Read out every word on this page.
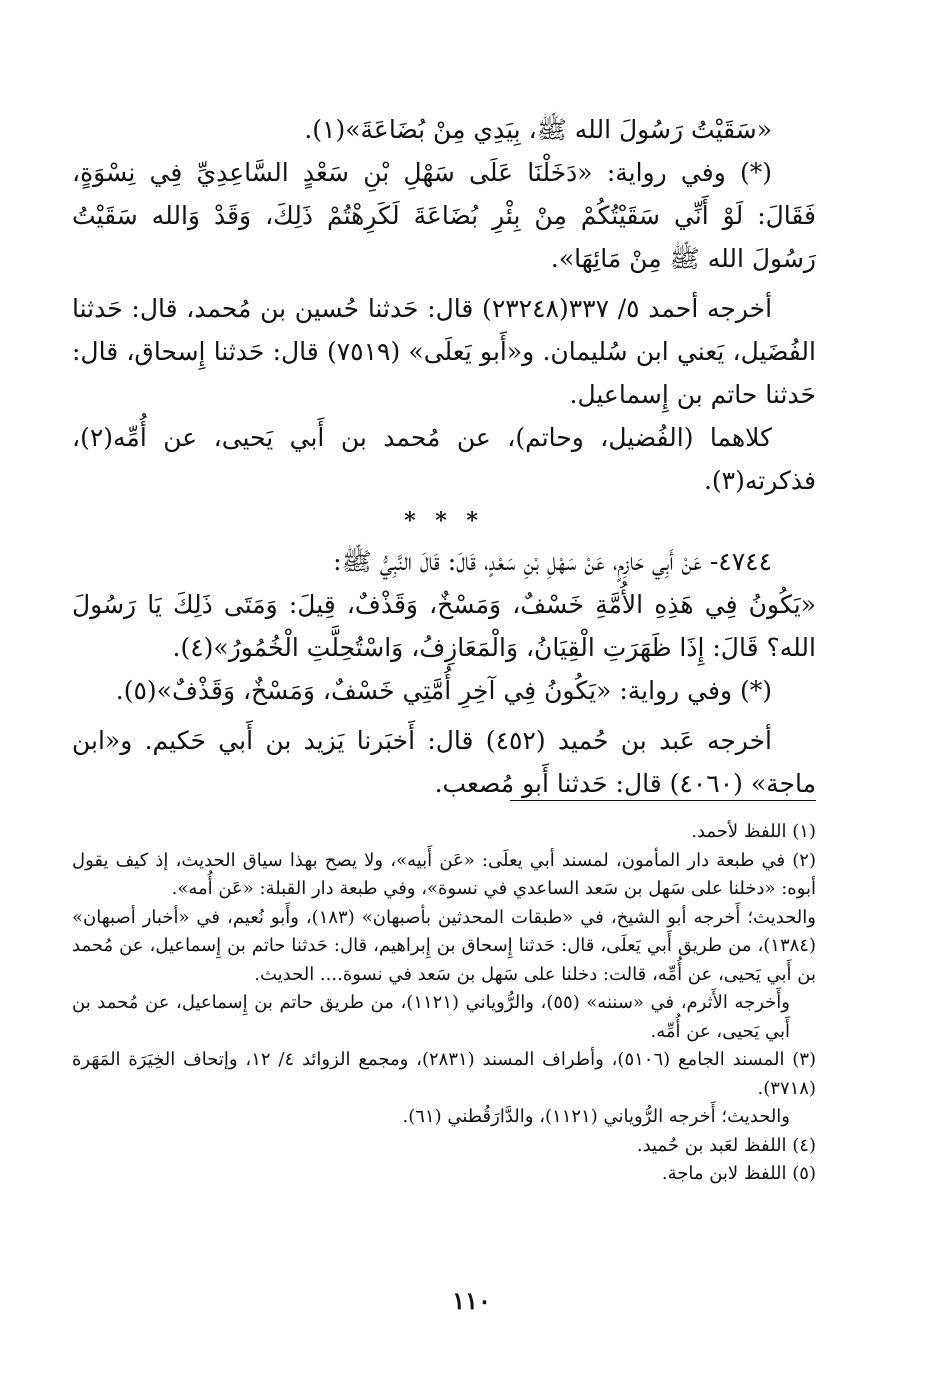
«سَقَيْتُ رَسُولَ الله ﷺ، بِيَدِي مِنْ بُضَاعَةَ»(١).

(*) وفي رواية: «دَخَلْنَا عَلَى سَهْلِ بْنِ سَعْدٍ السَّاعِدِيِّ فِي نِسْوَةٍ، فَقَالَ: لَوْ أَنِّي سَقَيْتُكُمْ مِنْ بِئْرِ بُضَاعَةَ لَكَرِهْتُمْ ذَلِكَ، وَقَدْ وَالله سَقَيْتُ رَسُولَ الله ﷺ مِنْ مَائِهَا».

أخرجه أحمد ٥/ ٣٣٧(٢٣٢٤٨) قال: حَدثنا حُسين بن مُحمد، قال: حَدثنا الفُضَيل، يَعني ابن سُليمان. و«أَبو يَعلَى» (٧٥١٩) قال: حَدثنا إِسحاق، قال: حَدثنا حاتم بن إِسماعيل.

كلاهما (الفُضيل، وحاتم)، عن مُحمد بن أَبي يَحيى، عن أُمِّه(٢)، فذكرته(٣).

* * *

٤٧٤٤- عَنْ أَبِي حَازِمٍ، عَنْ سَهْلِ بْنِ سَعْدٍ، قَالَ: قَالَ النَّبِيُّ ﷺ:

«يَكُونُ فِي هَذِهِ الأُمَّةِ خَسْفٌ، وَمَسْخٌ، وَقَذْفٌ، قِيلَ: وَمَتَى ذَلِكَ يَا رَسُولَ الله؟ قَالَ: إِذَا ظَهَرَتِ الْقِيَانُ، وَالْمَعَازِفُ، وَاسْتُحِلَّتِ الْخُمُورُ»(٤).

(*) وفي رواية: «يَكُونُ فِي آخِرِ أُمَّتِي خَسْفٌ، وَمَسْخٌ، وَقَذْفٌ»(٥).

أخرجه عَبد بن حُميد (٤٥٢) قال: أَخبَرنا يَزيد بن أَبي حَكيم. و«ابن ماجة» (٤٠٦٠) قال: حَدثنا أَبو مُصعب.

(١) اللفظ لأحمد.

(٢) في طبعة دار المأمون، لمسند أبي يعلَى: «عَن أَبيه»، ولا يصح بهذا سياق الحديث، إذ كيف يقول أبوه: «دخلنا على سَهل بن سَعد الساعدي في نسوة»، وفي طبعة دار القبلة: «عَن أُمه».

والحديث؛ أَخرجه أبو الشيخ، في «طبقات المحدثين بأصبهان» (١٨٣)، وأَبو نُعيم، في «أخبار أصبهان» (١٣٨٤)، من طريق أَبي يَعلَى، قال: حَدثنا إِسحاق بن إِبراهيم، قال: حَدثنا حاتم بن إِسماعيل، عن مُحمد بن أَبي يَحيى، عن أُمِّه، قالت: دخلنا على سَهل بن سَعد في نسوة.... الحديث.

وأَخرجه الأَثرم، في «سننه» (٥٥)، والرُّوياني (١١٢١)، من طريق حاتم بن إِسماعيل، عن مُحمد بن أَبي يَحيى، عن أُمِّه.

(٣) المسند الجامع (٥١٠٦)، وأطراف المسند (٢٨٣١)، ومجمع الزوائد ٤/ ١٢، وإتحاف الخِيَرَة المَهَرة (٣٧١٨).

والحديث؛ أَخرجه الرُّوياني (١١٢١)، والدَّارَقُطني (٦١).

(٤) اللفظ لعَبد بن حُميد.

(٥) اللفظ لابن ماجة.

١١٠
